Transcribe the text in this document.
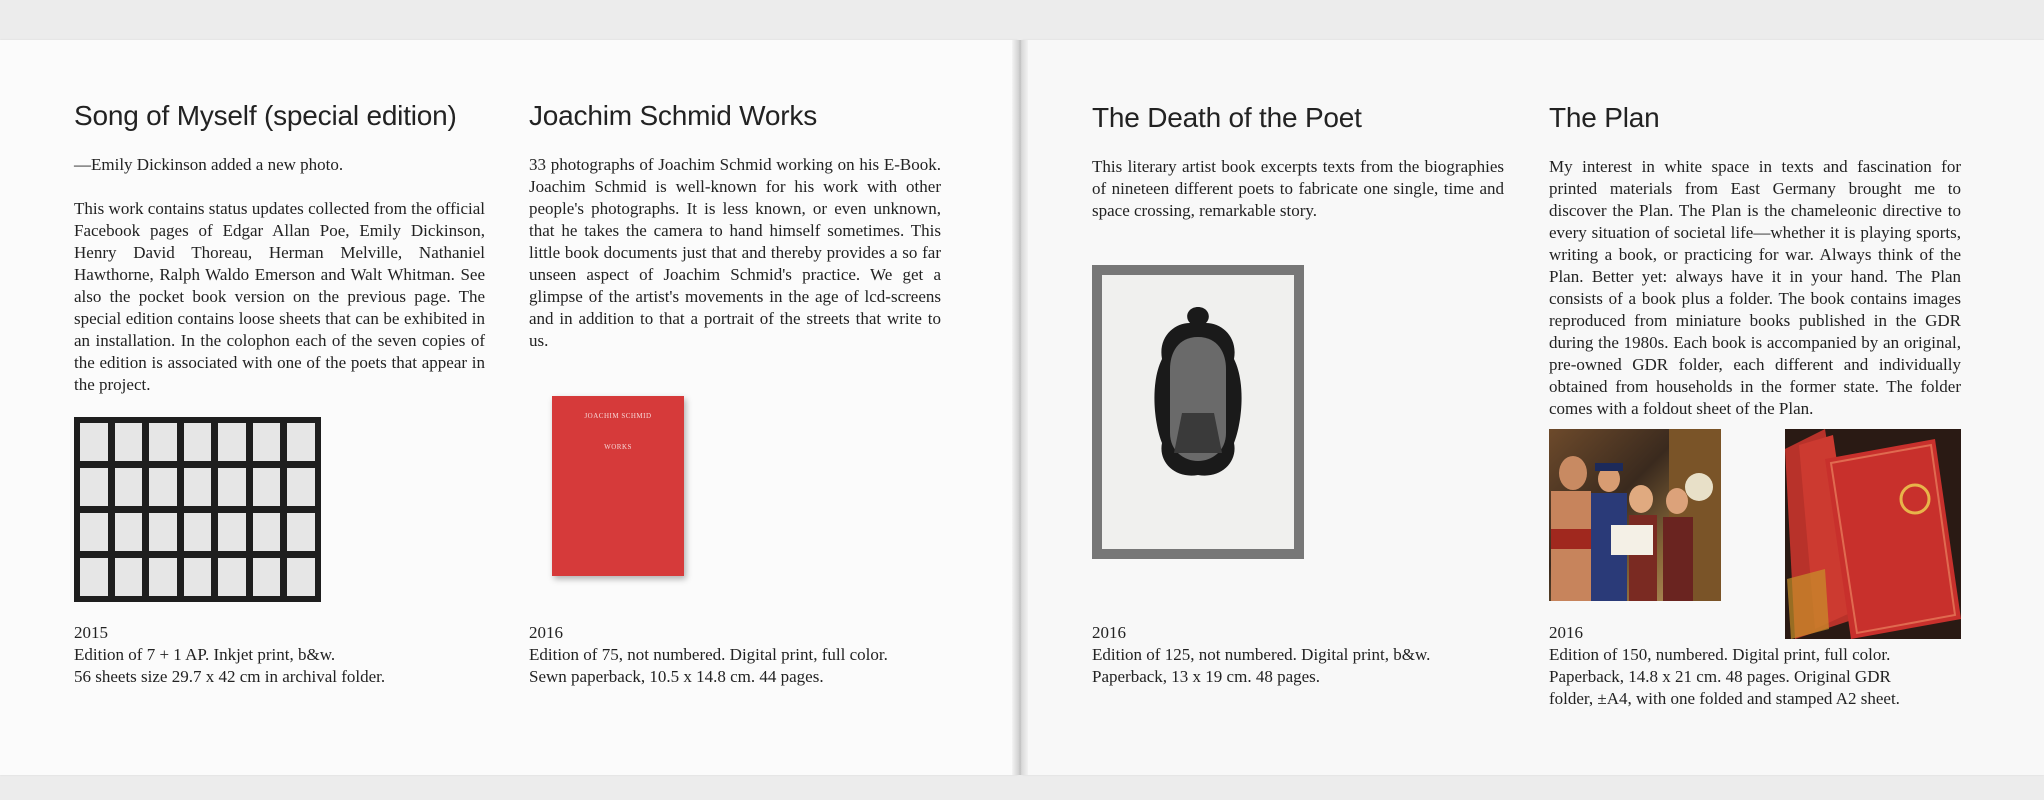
Song of Myself (special edition)

—Emily Dickinson added a new photo.

This work contains status updates collected from the official Facebook pages of Edgar Allan Poe, Emily Dickinson, Henry David Thoreau, Herman Melville, Nathaniel Hawthorne, Ralph Waldo Emerson and Walt Whitman. See also the pocket book version on the previous page. The special edition contains loose sheets that can be exhibited in an installation. In the colophon each of the seven copies of the edition is associated with one of the poets that appear in the project.

2015
Edition of 7 + 1 AP. Inkjet print, b&w.
56 sheets size 29.7 x 42 cm in archival folder.
Joachim Schmid Works

33 photographs of Joachim Schmid working on his E-Book. Joachim Schmid is well-known for his work with other people's photographs. It is less known, or even unknown, that he takes the camera to hand himself sometimes. This little book documents just that and thereby provides a so far unseen aspect of Joachim Schmid's practice. We get a glimpse of the artist's movements in the age of lcd-screens and in addition to that a portrait of the streets that write to us.

JOACHIM SCHMID
WORKS
2016
Edition of 75, not numbered. Digital print, full color.
Sewn paperback, 10.5 x 14.8 cm. 44 pages.
The Death of the Poet

This literary artist book excerpts texts from the biographies of nineteen different poets to fabricate one single, time and space crossing, remarkable story.

2016
Edition of 125, not numbered. Digital print, b&w.
Paperback, 13 x 19 cm. 48 pages.
The Plan

My interest in white space in texts and fascination for printed materials from East Germany brought me to discover the Plan. The Plan is the chameleonic directive to every situation of societal life—whether it is playing sports, writing a book, or practicing for war. Always think of the Plan. Better yet: always have it in your hand. The Plan consists of a book plus a folder. The book contains images reproduced from miniature books published in the GDR during the 1980s. Each book is accompanied by an original, pre-owned GDR folder, each different and individually obtained from households in the former state. The folder comes with a foldout sheet of the Plan.

2016
Edition of 150, numbered. Digital print, full color.
Paperback, 14.8 x 21 cm. 48 pages. Original GDR
folder, ±A4, with one folded and stamped A2 sheet.
